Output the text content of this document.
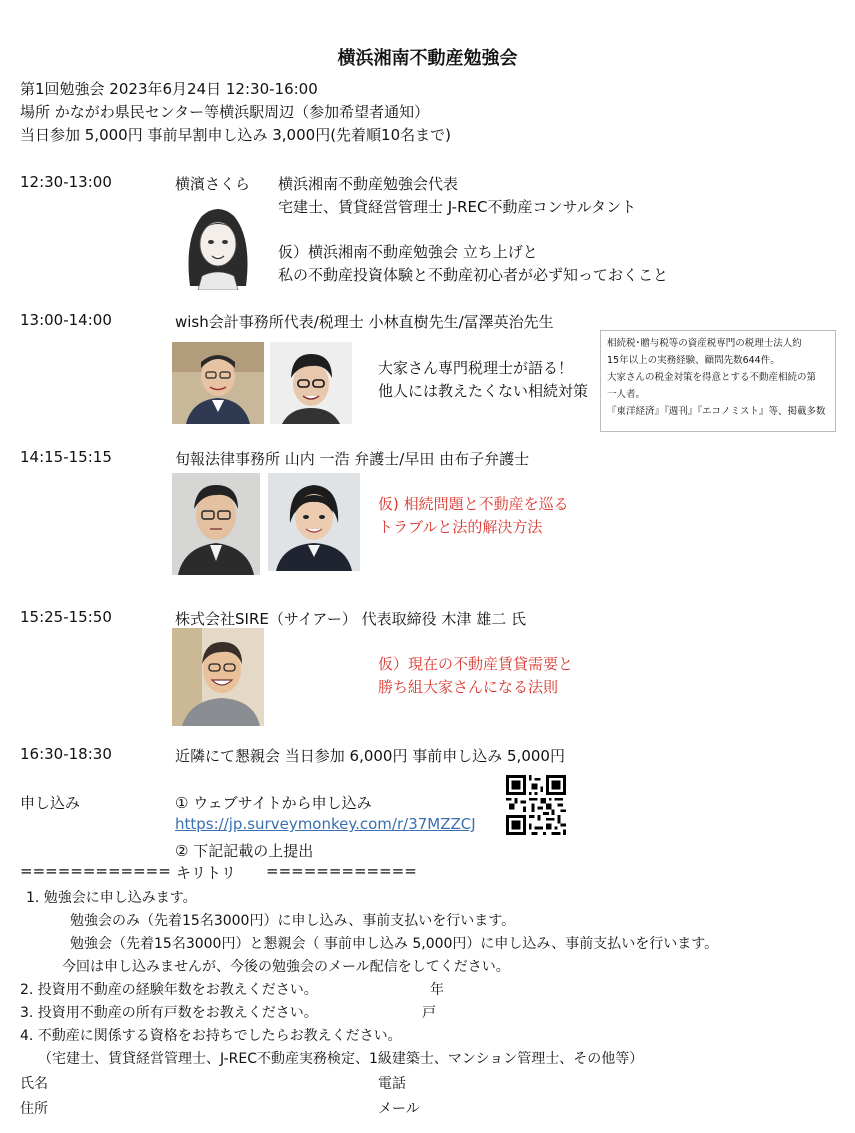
横浜湘南不動産勉強会
第1回勉強会 2023年6月24日 12:30-16:00
場所 かながわ県民センター等横浜駅周辺（参加希望者通知）
当日参加 5,000円 事前早割申し込み 3,000円(先着順10名まで)
12:30-13:00	横濱さくら 横浜湘南不動産勉強会代表
宅建士、賃貸経営管理士 J-REC不動産コンサルタント
仮）横浜湘南不動産勉強会 立ち上げと
私の不動産投資体験と不動産初心者が必ず知っておくこと
13:00-14:00	wish会計事務所代表/税理士 小林直樹先生/冨澤英治先生
大家さん専門税理士が語る！
他人には教えたくない相続対策
相続税･贈与税等の資産税専門の税理士法人約
15年以上の実務経験、顧問先数644件。
大家さんの税金対策を得意とする不動産相続の第
一人者。
『東洋経済』『週刊』『エコノミスト』等、掲載多数
14:15-15:15	旬報法律事務所 山内 一浩 弁護士/早田 由布子弁護士
仮) 相続問題と不動産を巡る
トラブルと法的解決方法
15:25-15:50	株式会社SIRE（サイアー） 代表取締役 木津 雄二 氏
仮）現在の不動産賃貸需要と
勝ち組大家さんになる法則
16:30-18:30	近隣にて懇親会 当日参加 6,000円 事前申し込み 5,000円
申し込み	① ウェブサイトから申し込み
https://jp.surveymonkey.com/r/37MZZCJ
② 下記記載の上提出
============ キリトリ ============
1. 勉強会に申し込みます。
勉強会のみ（先着15名3000円）に申し込み、事前支払いを行います。
勉強会（先着15名3000円）と懇親会（ 事前申し込み 5,000円）に申し込み、事前支払いを行います。
今回は申し込みませんが、今後の勉強会のメール配信をしてください。
2. 投資用不動産の経験年数をお教えください。	年
3. 投資用不動産の所有戸数をお教えください。	戸
4. 不動産に関係する資格をお持ちでしたらお教えください。
（宅建士、賃貸経営管理士、J-REC不動産実務検定、1級建築士、マンション管理士、その他等）
氏名	電話
住所	メール
